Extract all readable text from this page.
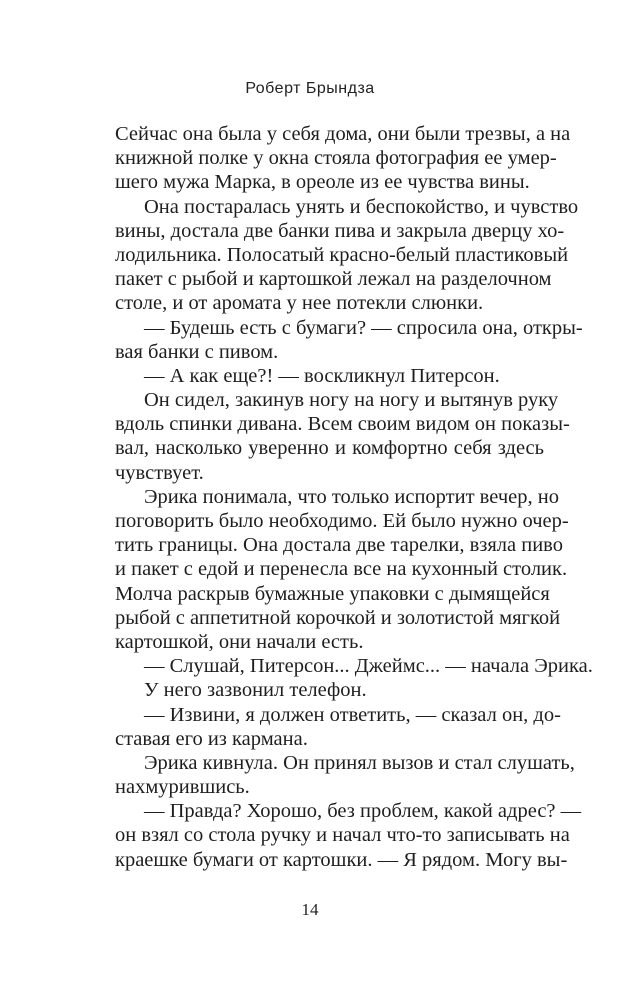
Роберт Брындза
Сейчас она была у себя дома, они были трезвы, а на
книжной полке у окна стояла фотография ее умер-
шего мужа Марка, в ореоле из ее чувства вины.
Она постаралась унять и беспокойство, и чувство
вины, достала две банки пива и закрыла дверцу хо-
лодильника. Полосатый красно-белый пластиковый
пакет с рыбой и картошкой лежал на разделочном
столе, и от аромата у нее потекли слюнки.
— Будешь есть с бумаги? — спросила она, откры-
вая банки с пивом.
— А как еще?! — воскликнул Питерсон.
Он сидел, закинув ногу на ногу и вытянув руку
вдоль спинки дивана. Всем своим видом он показы-
вал, насколько уверенно и комфортно себя здесь
чувствует.
Эрика понимала, что только испортит вечер, но
поговорить было необходимо. Ей было нужно очер-
тить границы. Она достала две тарелки, взяла пиво
и пакет с едой и перенесла все на кухонный столик.
Молча раскрыв бумажные упаковки с дымящейся
рыбой с аппетитной корочкой и золотистой мягкой
картошкой, они начали есть.
— Слушай, Питерсон... Джеймс... — начала Эрика.
У него зазвонил телефон.
— Извини, я должен ответить, — сказал он, до-
ставая его из кармана.
Эрика кивнула. Он принял вызов и стал слушать,
нахмурившись.
— Правда? Хорошо, без проблем, какой адрес? —
он взял со стола ручку и начал что-то записывать на
краешке бумаги от картошки. — Я рядом. Могу вы-
14
